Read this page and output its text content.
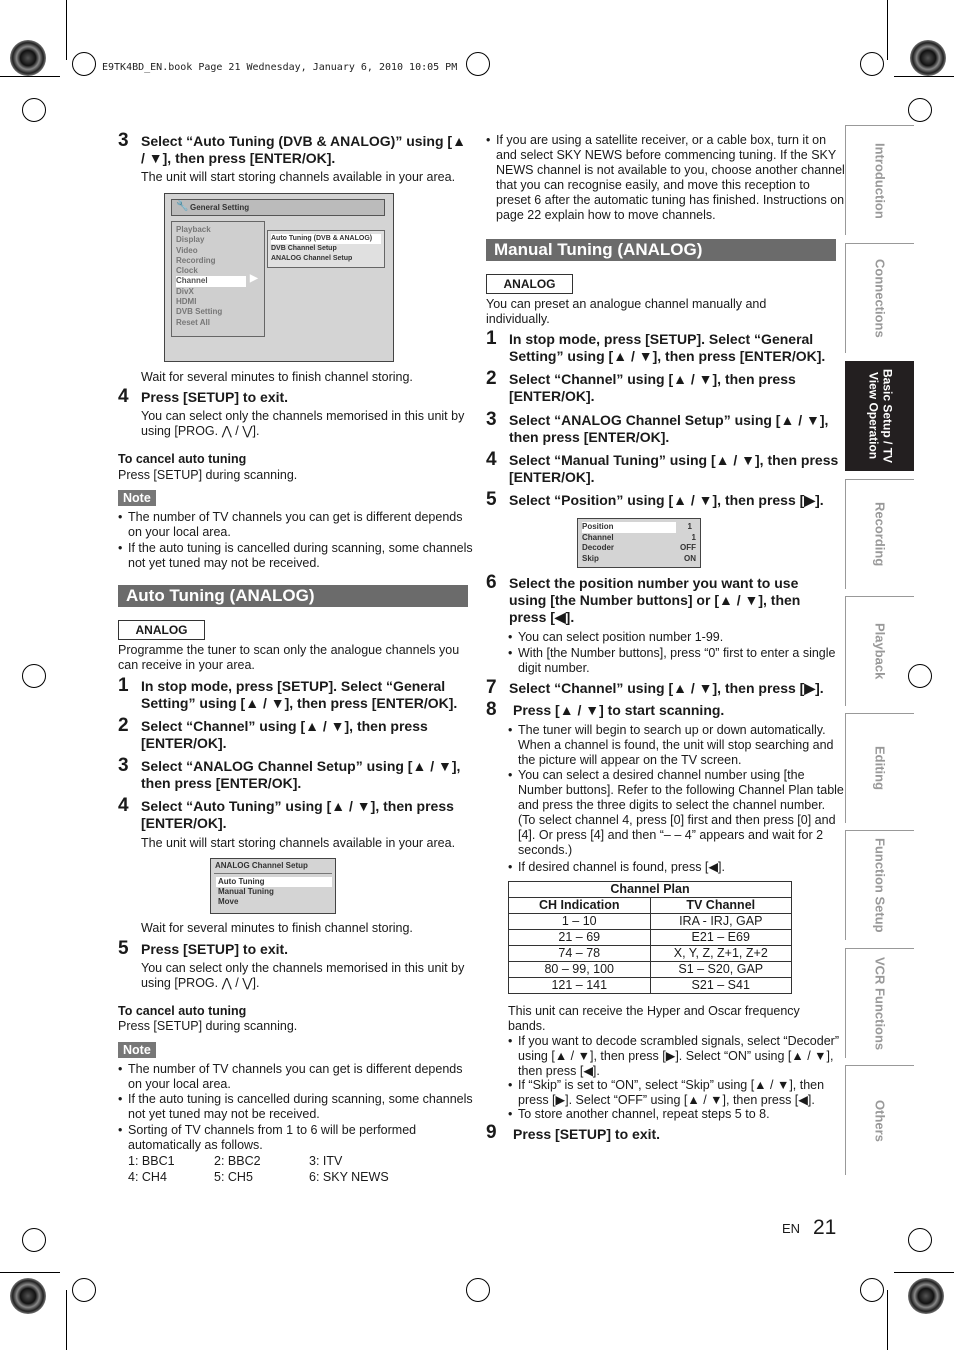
E9TK4BD_EN.book Page 21 Wednesday, January 6, 2010 10:05 PM
3 Select “Auto Tuning (DVB & ANALOG)” using [▲ / ▼], then press [ENTER/OK].
The unit will start storing channels available in your area.
🔧 General Setting
Playback
Display
Video
Recording
Clock
Channel
DivX
HDMI
DVB Setting
Reset All
▶
Auto Tuning (DVB & ANALOG)
DVB Channel Setup
ANALOG Channel Setup
Wait for several minutes to finish channel storing.
4 Press [SETUP] to exit.
You can select only the channels memorised in this unit by using [PROG. ⋀ / ⋁].
To cancel auto tuning
Press [SETUP] during scanning.
Note
• The number of TV channels you can get is different depends on your local area.
• If the auto tuning is cancelled during scanning, some channels not yet tuned may not be received.
Auto Tuning (ANALOG)
ANALOG
Programme the tuner to scan only the analogue channels you can receive in your area.
1 In stop mode, press [SETUP]. Select “General Setting” using [▲ / ▼], then press [ENTER/OK].
2 Select “Channel” using [▲ / ▼], then press [ENTER/OK].
3 Select “ANALOG Channel Setup” using [▲ / ▼], then press [ENTER/OK].
4 Select “Auto Tuning” using [▲ / ▼], then press [ENTER/OK].
The unit will start storing channels available in your area.
ANALOG Channel Setup
Auto Tuning
Manual Tuning
Move
Wait for several minutes to finish channel storing.
5 Press [SETUP] to exit.
You can select only the channels memorised in this unit by using [PROG. ⋀ / ⋁].
To cancel auto tuning
Press [SETUP] during scanning.
Note
• The number of TV channels you can get is different depends on your local area.
• If the auto tuning is cancelled during scanning, some channels not yet tuned may not be received.
• Sorting of TV channels from 1 to 6 will be performed automatically as follows.
1: BBC1	2: BBC2	3: ITV
4: CH4	5: CH5	6: SKY NEWS
• If you are using a satellite receiver, or a cable box, turn it on and select SKY NEWS before commencing tuning. If the SKY NEWS channel is not available to you, choose another channel that you can recognise easily, and move this reception to preset 6 after the automatic tuning has finished. Instructions on page 22 explain how to move channels.
Manual Tuning (ANALOG)
ANALOG
You can preset an analogue channel manually and individually.
1 In stop mode, press [SETUP]. Select “General Setting” using [▲ / ▼], then press [ENTER/OK].
2 Select “Channel” using [▲ / ▼], then press [ENTER/OK].
3 Select “ANALOG Channel Setup” using [▲ / ▼], then press [ENTER/OK].
4 Select “Manual Tuning” using [▲ / ▼], then press [ENTER/OK].
5 Select “Position” using [▲ / ▼], then press [▶].
Position	1
Channel	1
Decoder	OFF
Skip	ON
6 Select the position number you want to use using [the Number buttons] or [▲ / ▼], then press [◀].
• You can select position number 1-99.
• With [the Number buttons], press “0” first to enter a single digit number.
7 Select “Channel” using [▲ / ▼], then press [▶].
8 Press [▲ / ▼] to start scanning.
• The tuner will begin to search up or down automatically. When a channel is found, the unit will stop searching and the picture will appear on the TV screen.
• You can select a desired channel number using [the Number buttons]. Refer to the following Channel Plan table and press the three digits to select the channel number. (To select channel 4, press [0] first and then press [0] and [4]. Or press [4] and then “– – 4” appears and wait for 2 seconds.)
• If desired channel is found, press [◀].
Channel Plan	
CH Indication	TV Channel
1 – 10	IRA - IRJ, GAP
21 – 69	E21 – E69
74 – 78	X, Y, Z, Z+1, Z+2
80 – 99, 100	S1 – S20, GAP
121 – 141	S21 – S41
This unit can receive the Hyper and Oscar frequency bands.
• If you want to decode scrambled signals, select “Decoder” using [▲ / ▼], then press [▶]. Select “ON” using [▲ / ▼], then press [◀].
• If “Skip” is set to “ON”, select “Skip” using [▲ / ▼], then press [▶]. Select “OFF” using [▲ / ▼], then press [◀].
• To store another channel, repeat steps 5 to 8.
9 Press [SETUP] to exit.
Introduction
Connections
Basic Setup / TV View Operation
Recording
Playback
Editing
Function Setup
VCR Functions
Others
EN 21
